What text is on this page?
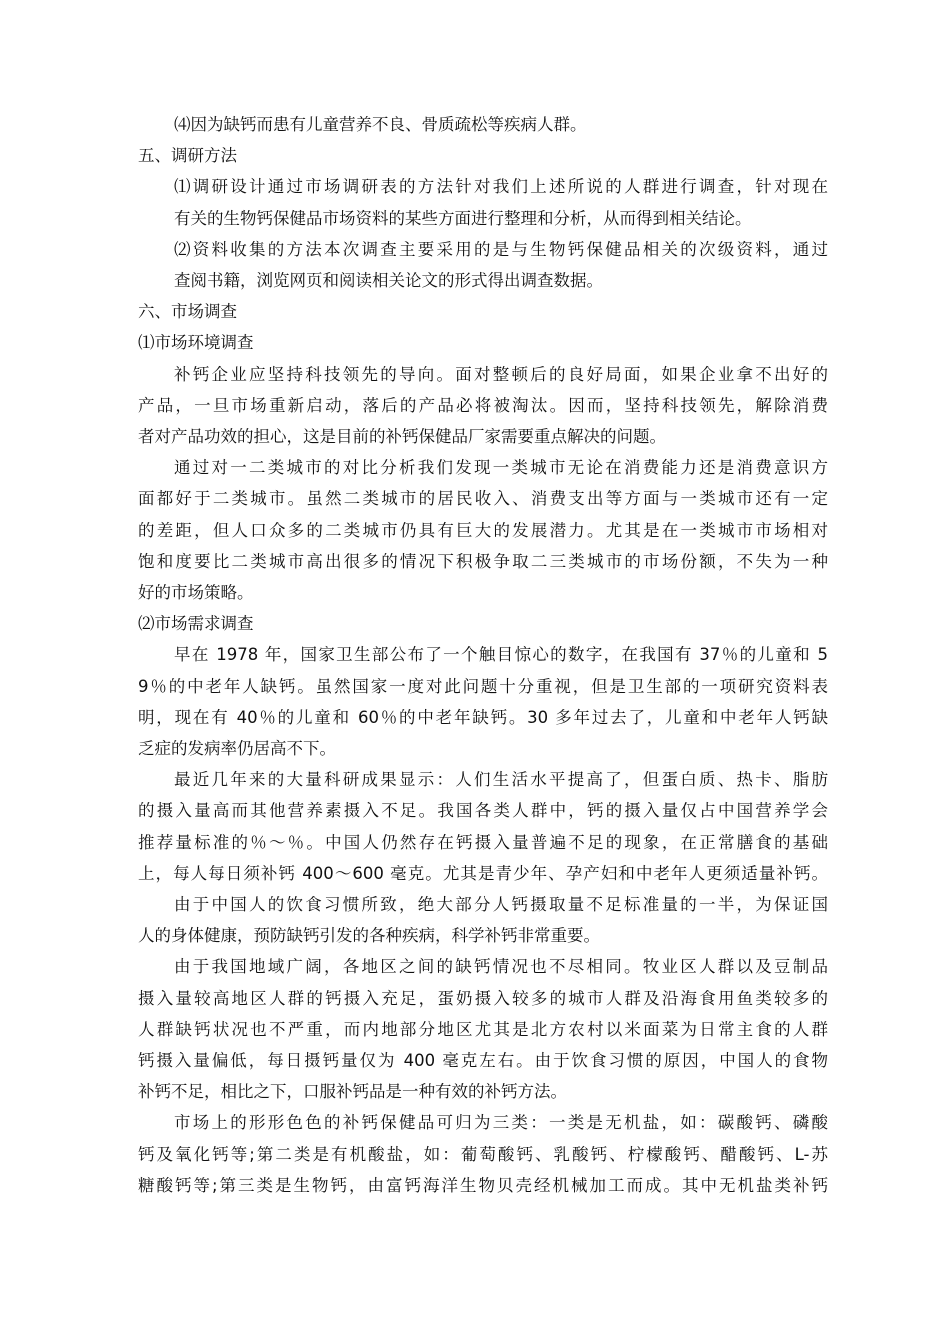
⑷因为缺钙而患有儿童营养不良、骨质疏松等疾病人群。
五、调研方法
⑴调研设计通过市场调研表的方法针对我们上述所说的人群进行调查，针对现在
有关的生物钙保健品市场资料的某些方面进行整理和分析，从而得到相关结论。
⑵资料收集的方法本次调查主要采用的是与生物钙保健品相关的次级资料，通过
查阅书籍，浏览网页和阅读相关论文的形式得出调查数据。
六、市场调查
⑴市场环境调查
补钙企业应坚持科技领先的导向。面对整顿后的良好局面，如果企业拿不出好的
产品，一旦市场重新启动，落后的产品必将被淘汰。因而，坚持科技领先，解除消费
者对产品功效的担心，这是目前的补钙保健品厂家需要重点解决的问题。
通过对一二类城市的对比分析我们发现一类城市无论在消费能力还是消费意识方
面都好于二类城市。虽然二类城市的居民收入、消费支出等方面与一类城市还有一定
的差距，但人口众多的二类城市仍具有巨大的发展潜力。尤其是在一类城市市场相对
饱和度要比二类城市高出很多的情况下积极争取二三类城市的市场份额，不失为一种
好的市场策略。
⑵市场需求调查
早在 1978 年，国家卫生部公布了一个触目惊心的数字，在我国有 37％的儿童和 5
9％的中老年人缺钙。虽然国家一度对此问题十分重视，但是卫生部的一项研究资料表
明，现在有 40％的儿童和 60％的中老年缺钙。30 多年过去了，儿童和中老年人钙缺
乏症的发病率仍居高不下。
最近几年来的大量科研成果显示：人们生活水平提高了，但蛋白质、热卡、脂肪
的摄入量高而其他营养素摄入不足。我国各类人群中，钙的摄入量仅占中国营养学会
推荐量标准的％～％。中国人仍然存在钙摄入量普遍不足的现象，在正常膳食的基础
上，每人每日须补钙 400～600 毫克。尤其是青少年、孕产妇和中老年人更须适量补钙。
由于中国人的饮食习惯所致，绝大部分人钙摄取量不足标准量的一半，为保证国
人的身体健康，预防缺钙引发的各种疾病，科学补钙非常重要。
由于我国地域广阔，各地区之间的缺钙情况也不尽相同。牧业区人群以及豆制品
摄入量较高地区人群的钙摄入充足，蛋奶摄入较多的城市人群及沿海食用鱼类较多的
人群缺钙状况也不严重，而内地部分地区尤其是北方农村以米面菜为日常主食的人群
钙摄入量偏低，每日摄钙量仅为 400 毫克左右。由于饮食习惯的原因，中国人的食物
补钙不足，相比之下，口服补钙品是一种有效的补钙方法。
市场上的形形色色的补钙保健品可归为三类：一类是无机盐，如：碳酸钙、磷酸
钙及氧化钙等;第二类是有机酸盐，如：葡萄酸钙、乳酸钙、柠檬酸钙、醋酸钙、L-苏
糖酸钙等;第三类是生物钙，由富钙海洋生物贝壳经机械加工而成。其中无机盐类补钙
